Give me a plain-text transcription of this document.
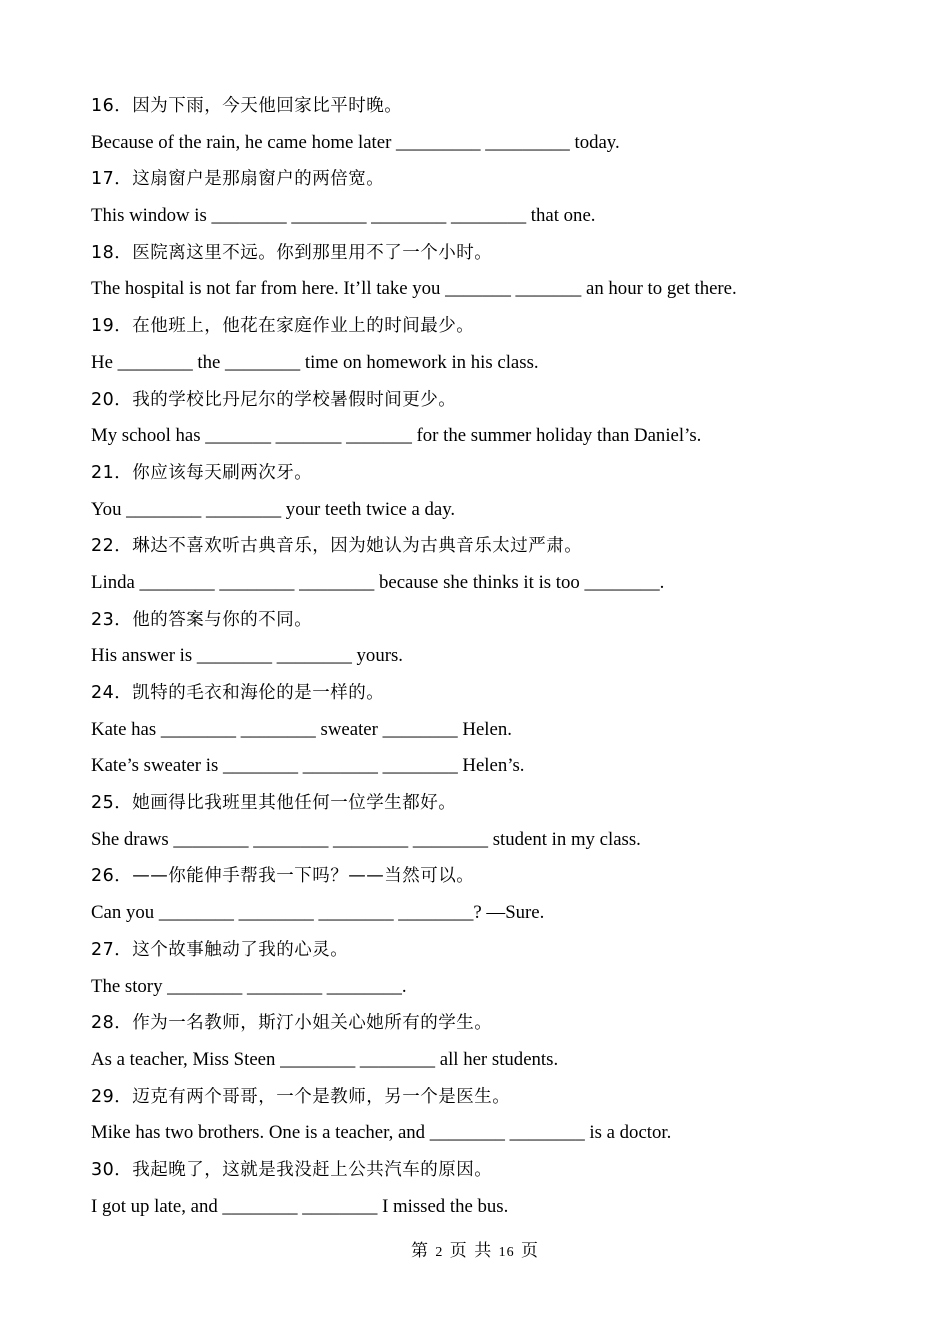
16．因为下雨，今天他回家比平时晚。
Because of the rain, he came home later _________ _________ today.
17．这扇窗户是那扇窗户的两倍宽。
This window is ________ ________ ________ ________ that one.
18．医院离这里不远。你到那里用不了一个小时。
The hospital is not far from here. It’ll take you _______ _______ an hour to get there.
19．在他班上，他花在家庭作业上的时间最少。
He ________ the ________ time on homework in his class.
20．我的学校比丹尼尔的学校暑假时间更少。
My school has _______ _______ _______ for the summer holiday than Daniel’s.
21．你应该每天刷两次牙。
You ________ ________ your teeth twice a day.
22．琳达不喜欢听古典音乐，因为她认为古典音乐太过严肃。
Linda ________ ________ ________ because she thinks it is too ________.
23．他的答案与你的不同。
His answer is ________ ________ yours.
24．凯特的毛衣和海伦的是一样的。
Kate has ________ ________ sweater ________ Helen.
Kate’s sweater is ________ ________ ________ Helen’s.
25．她画得比我班里其他任何一位学生都好。
She draws ________ ________ ________ ________ student in my class.
26．——你能伸手帮我一下吗？——当然可以。
Can you ________ ________ ________ ________? —Sure.
27．这个故事触动了我的心灵。
The story ________ ________ ________.
28．作为一名教师，斯汀小姐关心她所有的学生。
As a teacher, Miss Steen ________ ________ all her students.
29．迈克有两个哥哥，一个是教师，另一个是医生。
Mike has two brothers. One is a teacher, and ________ ________ is a doctor.
30．我起晚了，这就是我没赶上公共汽车的原因。
I got up late, and ________ ________ I missed the bus.
第 2 页 共 16 页
